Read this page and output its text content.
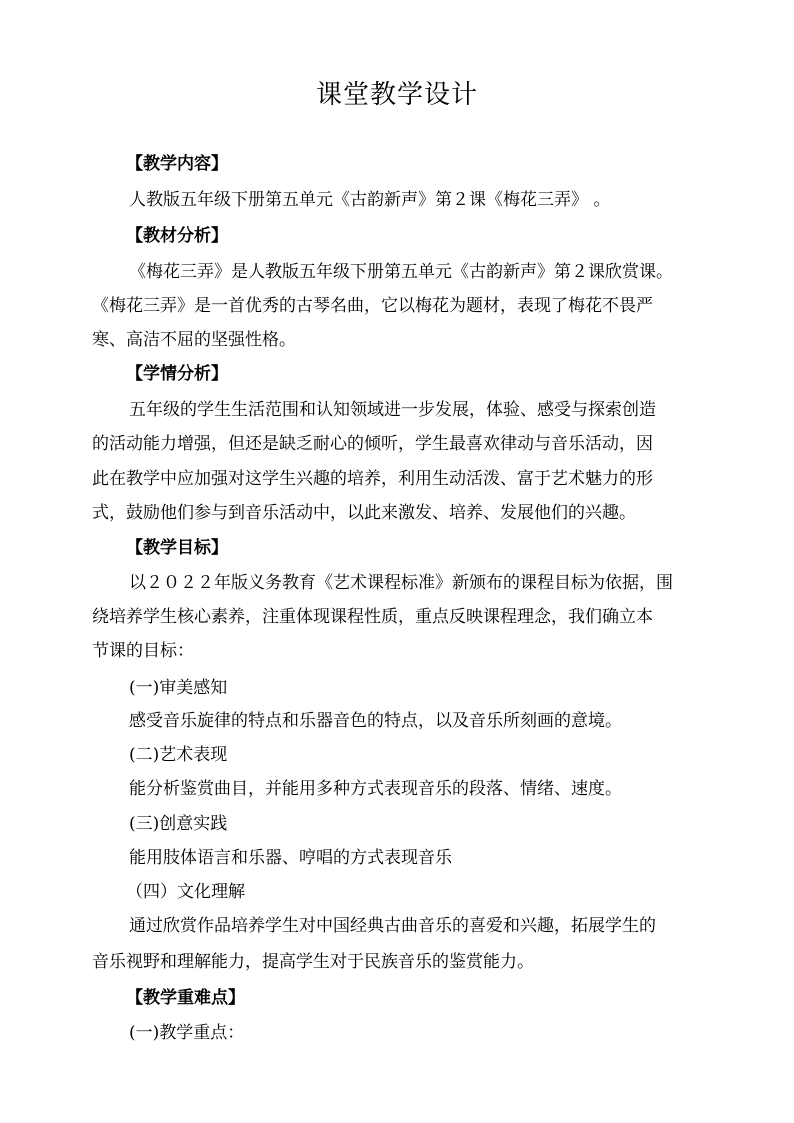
课堂教学设计
【教学内容】
人教版五年级下册第五单元《古韵新声》第２课《梅花三弄》 。
【教材分析】
《梅花三弄》是人教版五年级下册第五单元《古韵新声》第２课欣赏课。
《梅花三弄》是一首优秀的古琴名曲，它以梅花为题材，表现了梅花不畏严
寒、高洁不屈的坚强性格。
【学情分析】
五年级的学生生活范围和认知领域进一步发展，体验、感受与探索创造
的活动能力增强，但还是缺乏耐心的倾听，学生最喜欢律动与音乐活动，因
此在教学中应加强对这学生兴趣的培养，利用生动活泼、富于艺术魅力的形
式，鼓励他们参与到音乐活动中，以此来激发、培养、发展他们的兴趣。
【教学目标】
以２０２２年版义务教育《艺术课程标准》新颁布的课程目标为依据，围
绕培养学生核心素养，注重体现课程性质，重点反映课程理念，我们确立本
节课的目标：
(一)审美感知
感受音乐旋律的特点和乐器音色的特点，以及音乐所刻画的意境。
(二)艺术表现
能分析鉴赏曲目，并能用多种方式表现音乐的段落、情绪、速度。
(三)创意实践
能用肢体语言和乐器、哼唱的方式表现音乐
（四）文化理解
通过欣赏作品培养学生对中国经典古曲音乐的喜爱和兴趣，拓展学生的
音乐视野和理解能力，提高学生对于民族音乐的鉴赏能力。
【教学重难点】
(一)教学重点：
